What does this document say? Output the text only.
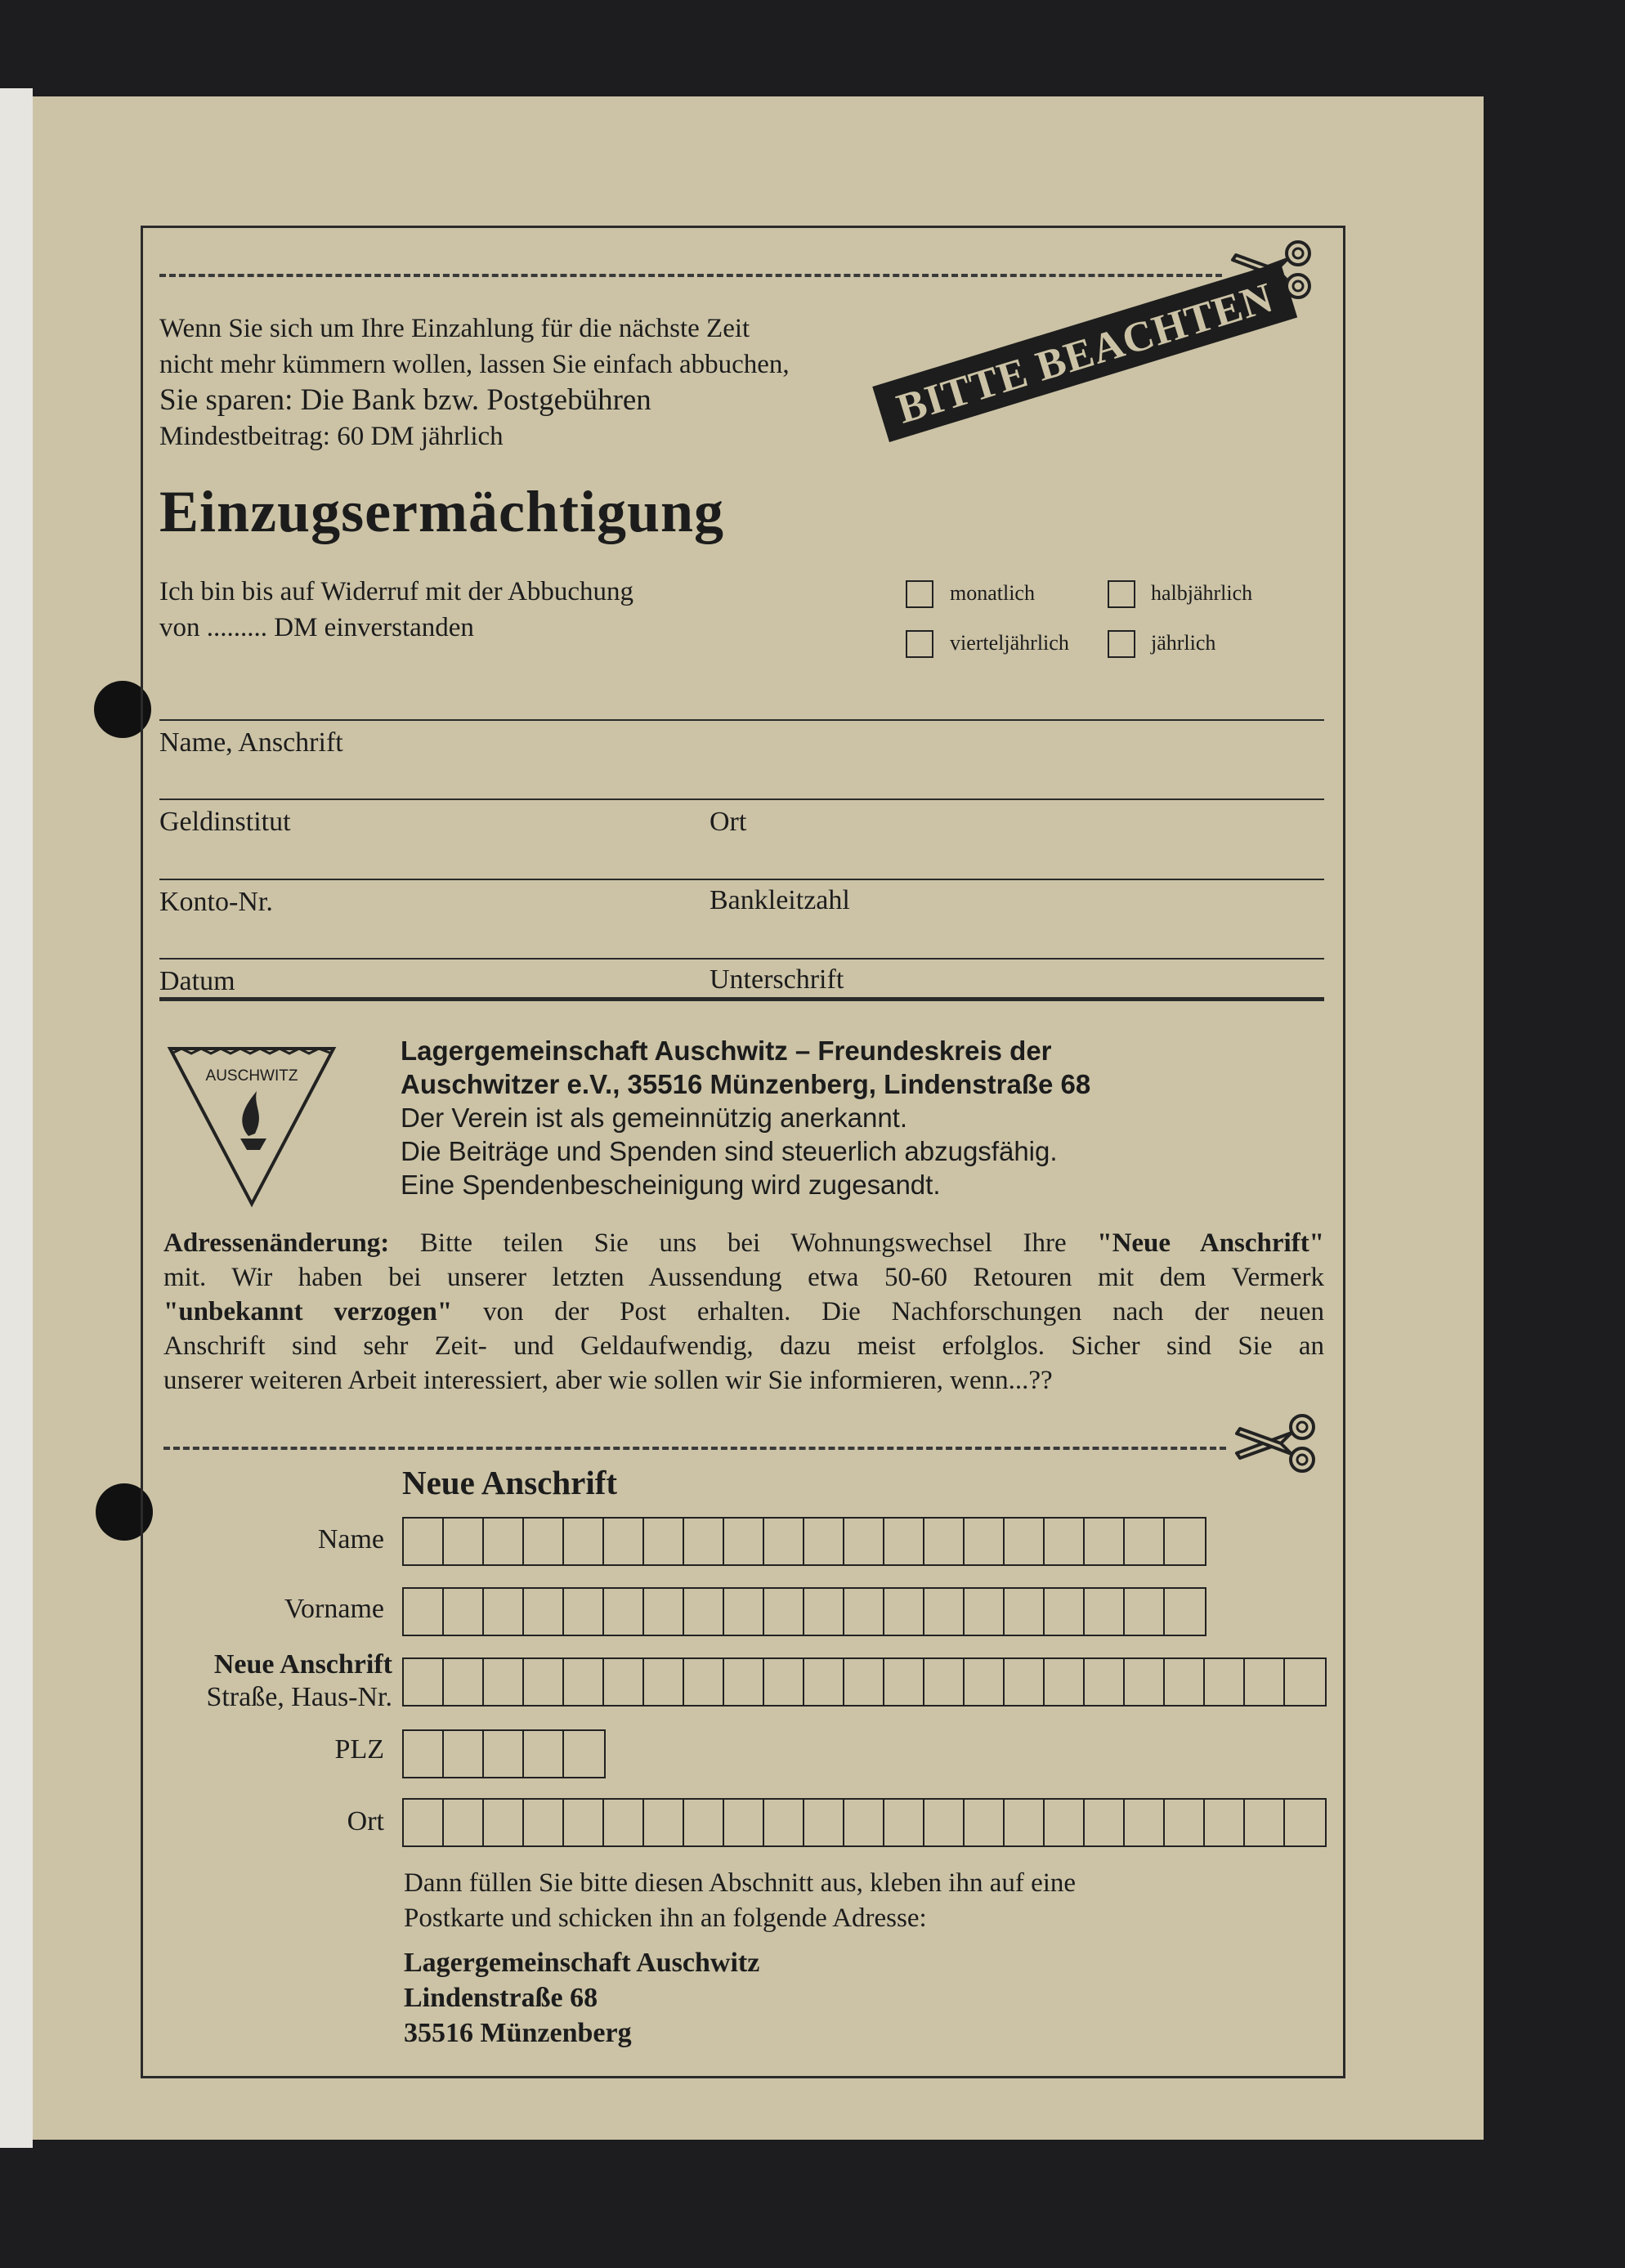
Wenn Sie sich um Ihre Einzahlung für die nächste Zeit
nicht mehr kümmern wollen, lassen Sie einfach abbuchen,
Sie sparen: Die Bank bzw. Postgebühren
Mindestbeitrag: 60 DM jährlich
BITTE BEACHTEN
Einzugsermächtigung
Ich bin bis auf Widerruf mit der Abbuchung
von ......... DM einverstanden
monatlich	halbjährlich
vierteljährlich	jährlich
Name, Anschrift
Geldinstitut	Ort
Konto-Nr.	Bankleitzahl
Datum	Unterschrift
AUSCHWITZ
Lagergemeinschaft Auschwitz – Freundeskreis der
Auschwitzer e.V., 35516 Münzenberg, Lindenstraße 68
Der Verein ist als gemeinnützig anerkannt.
Die Beiträge und Spenden sind steuerlich abzugsfähig.
Eine Spendenbescheinigung wird zugesandt.
Adressenänderung: Bitte teilen Sie uns bei Wohnungswechsel Ihre "Neue Anschrift"
mit. Wir haben bei unserer letzten Aussendung etwa 50-60 Retouren mit dem Vermerk
"unbekannt verzogen" von der Post erhalten. Die Nachforschungen nach der neuen
Anschrift sind sehr Zeit- und Geldaufwendig, dazu meist erfolglos. Sicher sind Sie an
unserer weiteren Arbeit interessiert, aber wie sollen wir Sie informieren, wenn...??
Neue Anschrift
Name
Vorname
Neue Anschrift
Straße, Haus-Nr.
PLZ
Ort
Dann füllen Sie bitte diesen Abschnitt aus, kleben ihn auf eine
Postkarte und schicken ihn an folgende Adresse:
Lagergemeinschaft Auschwitz
Lindenstraße 68
35516 Münzenberg
